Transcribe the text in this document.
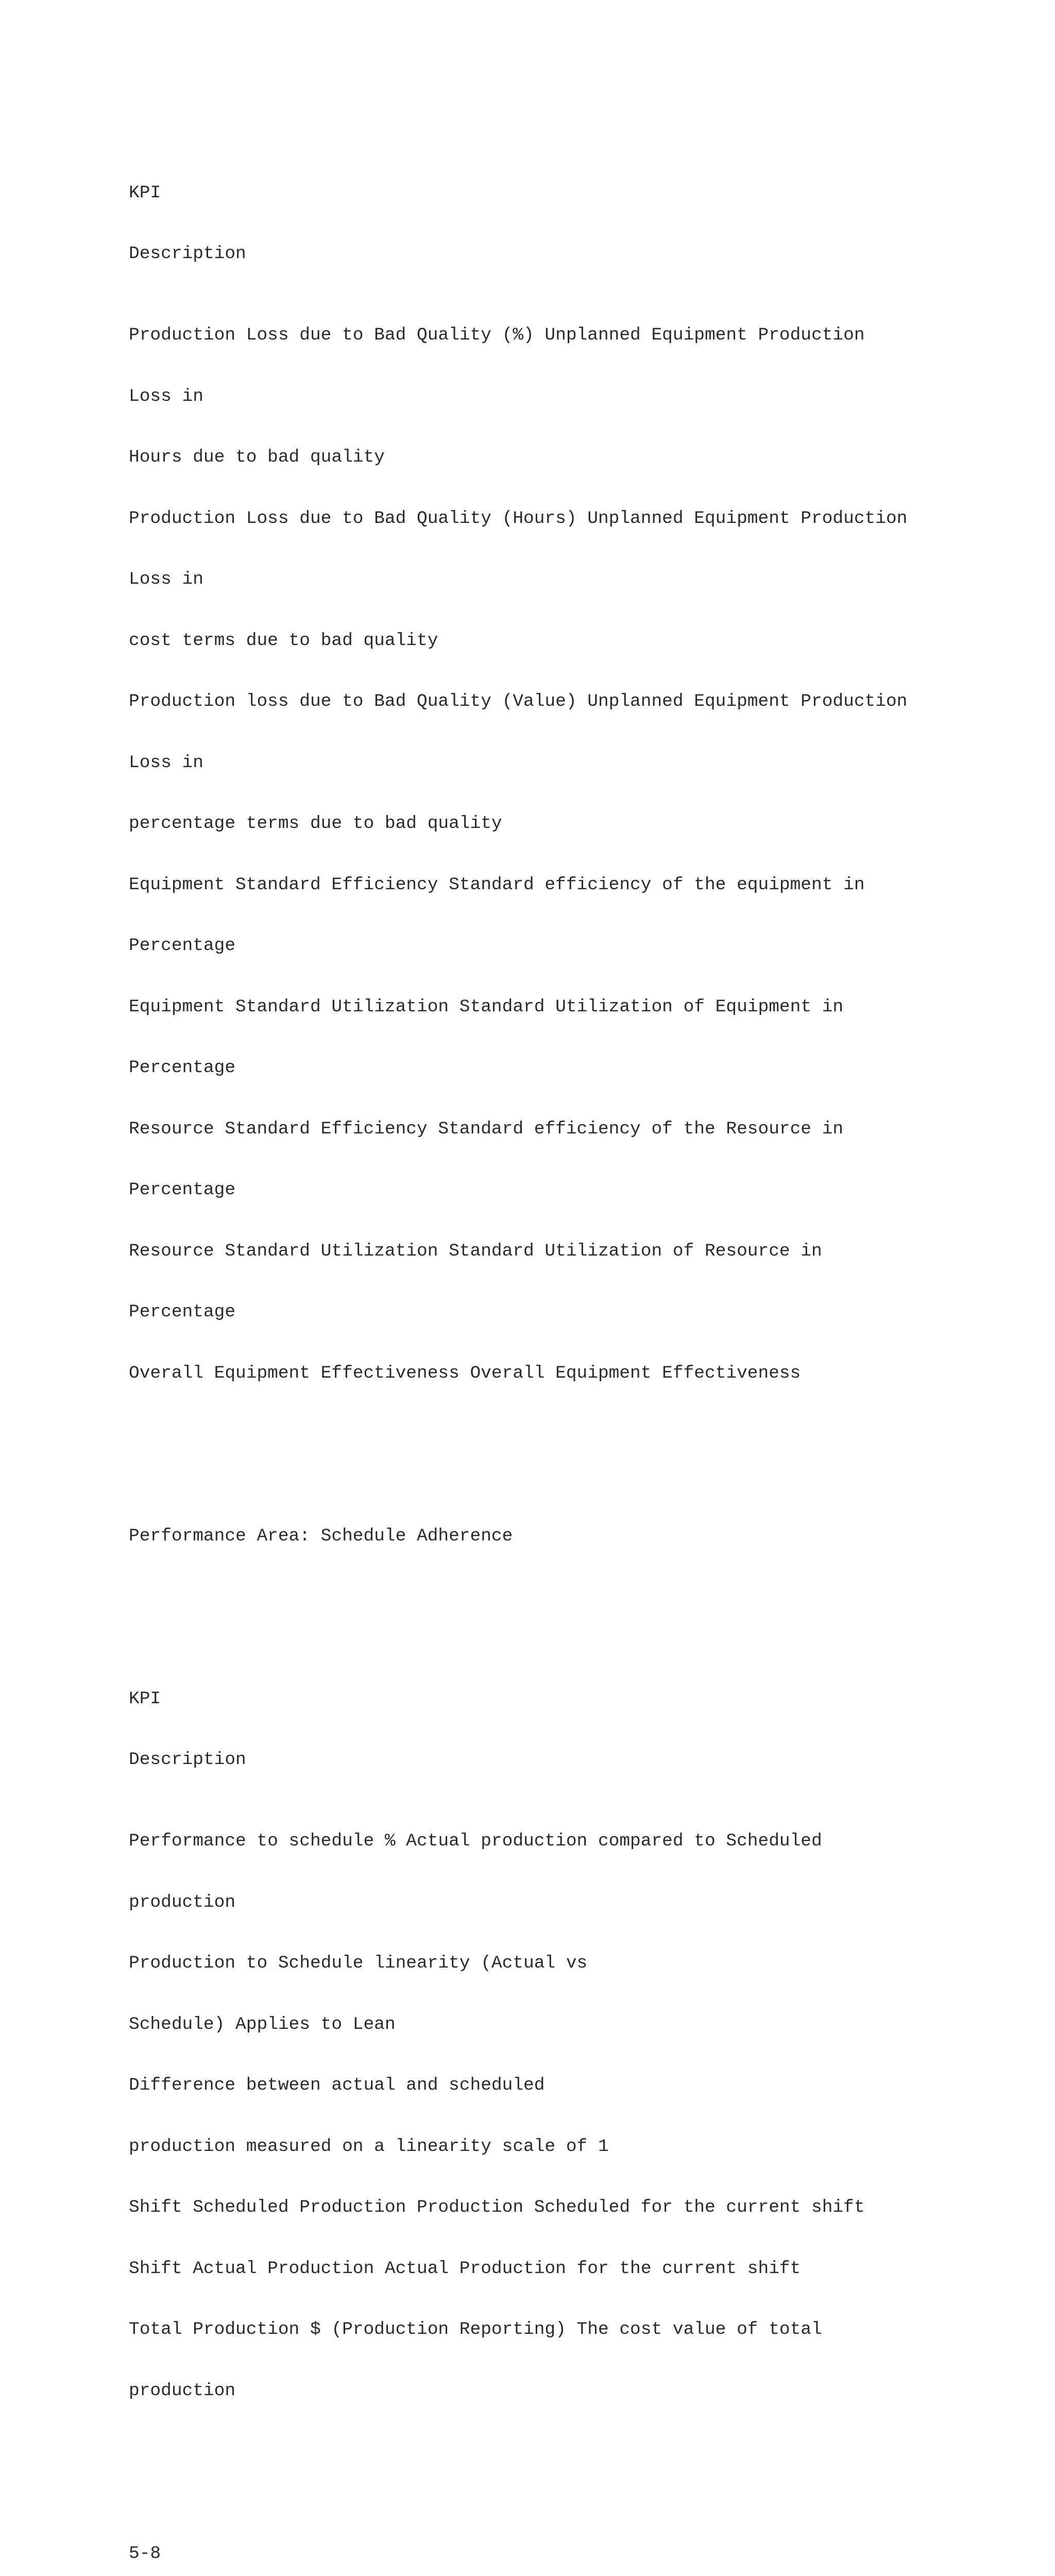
KPI

Description

Production Loss due to Bad Quality (%) Unplanned Equipment Production

Loss in

Hours due to bad quality

Production Loss due to Bad Quality (Hours) Unplanned Equipment Production

Loss in

cost terms due to bad quality

Production loss due to Bad Quality (Value) Unplanned Equipment Production

Loss in

percentage terms due to bad quality

Equipment Standard Efficiency Standard efficiency of the equipment in

Percentage

Equipment Standard Utilization Standard Utilization of Equipment in

Percentage

Resource Standard Efficiency Standard efficiency of the Resource in

Percentage

Resource Standard Utilization Standard Utilization of Resource in

Percentage

Overall Equipment Effectiveness Overall Equipment Effectiveness

Performance Area: Schedule Adherence

KPI

Description

Performance to schedule % Actual production compared to Scheduled

production

Production to Schedule linearity (Actual vs

Schedule) Applies to Lean

Difference between actual and scheduled

production measured on a linearity scale of 1

Shift Scheduled Production Production Scheduled for the current shift

Shift Actual Production Actual Production for the current shift

Total Production $ (Production Reporting) The cost value of total

production

5-8
